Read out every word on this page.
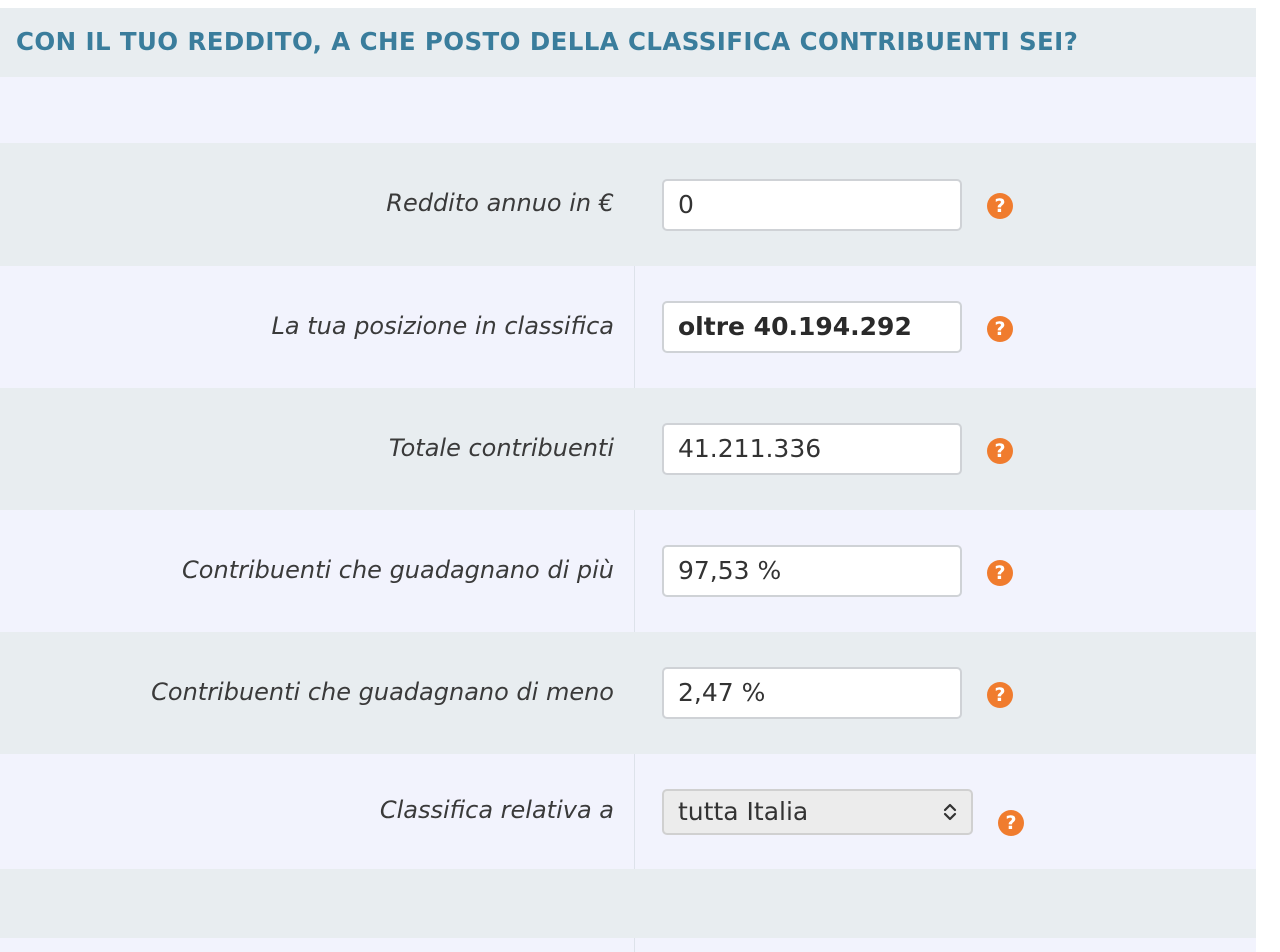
CON IL TUO REDDITO, A CHE POSTO DELLA CLASSIFICA CONTRIBUENTI SEI?
Reddito annuo in €	0	?
La tua posizione in classifica	oltre 40.194.292	?
Totale contribuenti	41.211.336	?
Contribuenti che guadagnano di più	97,53 %	?
Contribuenti che guadagnano di meno	2,47 %	?
Classifica relativa a	tutta Italia	?
